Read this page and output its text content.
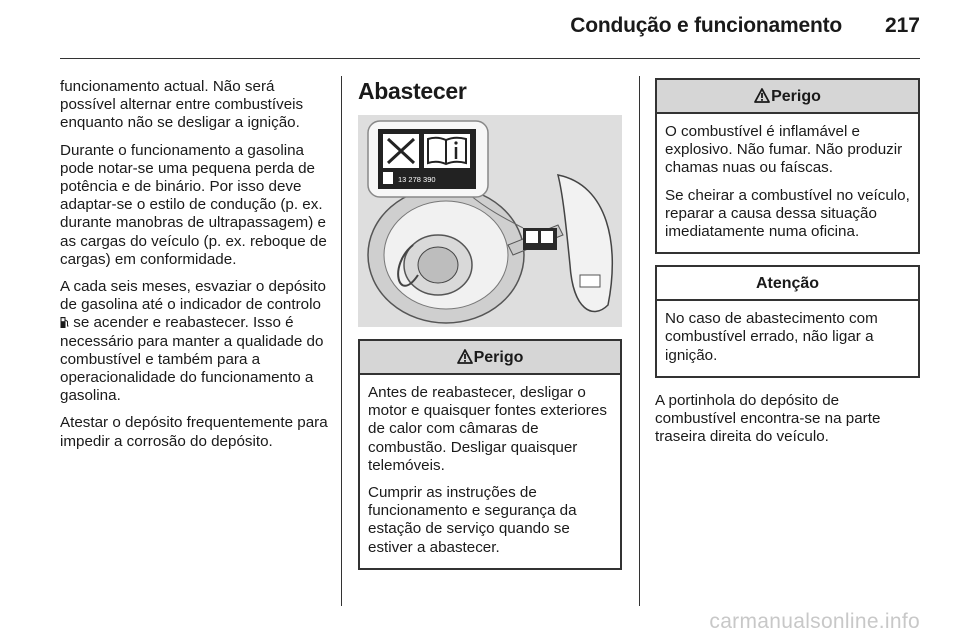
Condução e funcionamento 217

funcionamento actual. Não será possível alternar entre combustíveis enquanto não se desligar a ignição.

Durante o funcionamento a gasolina pode notar-se uma pequena perda de potência e de binário. Por isso deve adaptar-se o estilo de condução (p. ex. durante manobras de ultrapassagem) e as cargas do veículo (p. ex. reboque de cargas) em conformidade.

A cada seis meses, esvaziar o depósito de gasolina até o indicador de controlo  se acender e reabastecer. Isso é necessário para manter a qualidade do combustível e também para a operacionalidade do funcionamento a gasolina.

Atestar o depósito frequentemente para impedir a corrosão do depósito.

Abastecer
13 278 390
Perigo

Antes de reabastecer, desligar o motor e quaisquer fontes exteriores de calor com câmaras de combustão. Desligar quaisquer telemóveis.

Cumprir as instruções de funcionamento e segurança da estação de serviço quando se estiver a abastecer.

Perigo

O combustível é inflamável e explosivo. Não fumar. Não produzir chamas nuas ou faíscas.

Se cheirar a combustível no veículo, reparar a causa dessa situação imediatamente numa oficina.

Atenção

No caso de abastecimento com combustível errado, não ligar a ignição.

A portinhola do depósito de combustível encontra-se na parte traseira direita do veículo.

carmanualsonline.info
